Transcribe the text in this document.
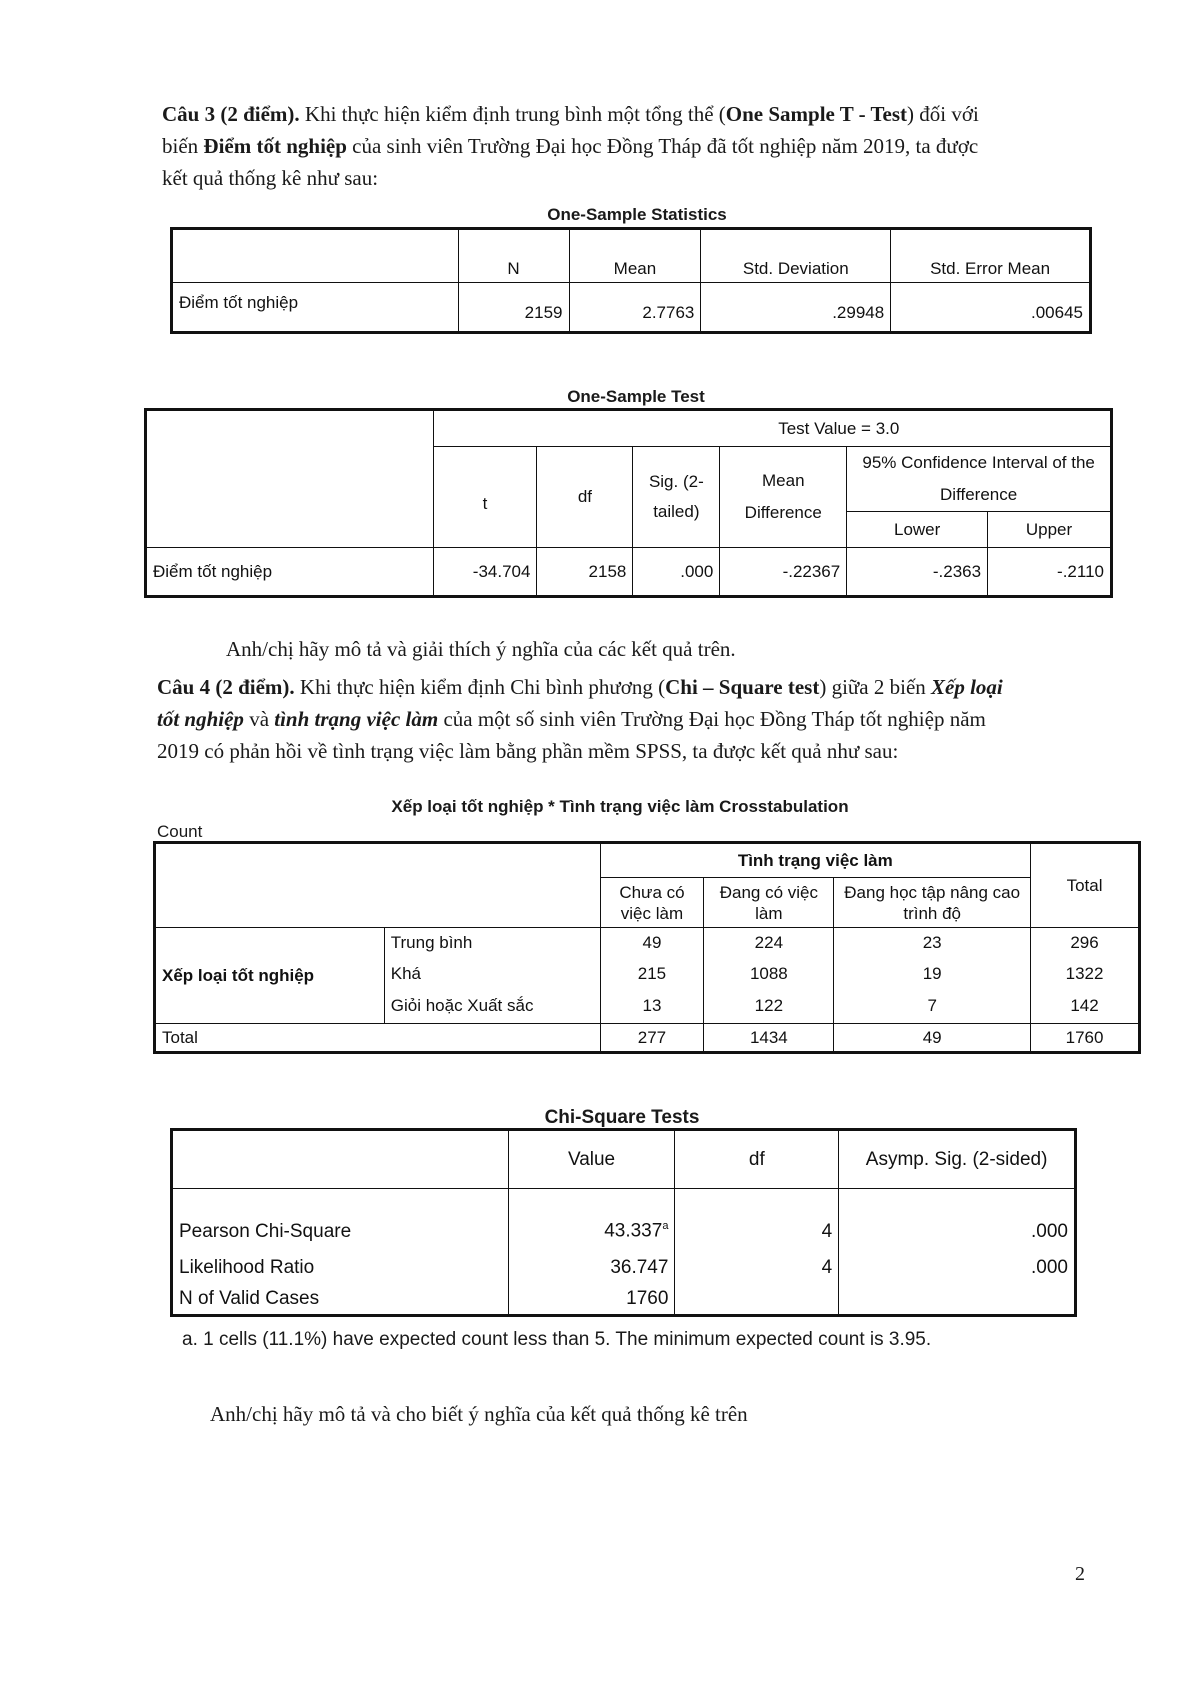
Câu 3 (2 điểm). Khi thực hiện kiểm định trung bình một tổng thể (One Sample T - Test) đối với
biến Điểm tốt nghiệp của sinh viên Trường Đại học Đồng Tháp đã tốt nghiệp năm 2019, ta được
kết quả thống kê như sau:
One-Sample Statistics
	N	Mean	Std. Deviation	Std. Error Mean
Điểm tốt nghiệp	2159	2.7763	.29948	.00645
One-Sample Test
	Test Value = 3.0					
	t	df	Sig. (2-tailed)	Mean Difference	95% Confidence Interval of the Difference	
					Lower	Upper
Điểm tốt nghiệp	-34.704	2158	.000	-.22367	-.2363	-.2110
Anh/chị hãy mô tả và giải thích ý nghĩa của các kết quả trên.
Câu 4 (2 điểm). Khi thực hiện kiểm định Chi bình phương (Chi – Square test) giữa 2 biến Xếp loại
tốt nghiệp và tình trạng việc làm của một số sinh viên Trường Đại học Đồng Tháp tốt nghiệp năm
2019 có phản hồi về tình trạng việc làm bằng phần mềm SPSS, ta được kết quả như sau:
Xếp loại tốt nghiệp * Tình trạng việc làm Crosstabulation
Count
		Tình trạng việc làm			Total
		Chưa có việc làm	Đang có việc làm	Đang học tập nâng cao trình độ	
Xếp loại tốt nghiệp	Trung bình	49	224	23	296
	Khá	215	1088	19	1322
	Giỏi hoặc Xuất sắc	13	122	7	142
Total		277	1434	49	1760
Chi-Square Tests
	Value	df	Asymp. Sig. (2-sided)
Pearson Chi-Square	43.337$^a$	4	.000
Likelihood Ratio	36.747	4	.000
N of Valid Cases	1760		
a. 1 cells (11.1%) have expected count less than 5. The minimum expected count is 3.95.
Anh/chị hãy mô tả và cho biết ý nghĩa của kết quả thống kê trên
2
